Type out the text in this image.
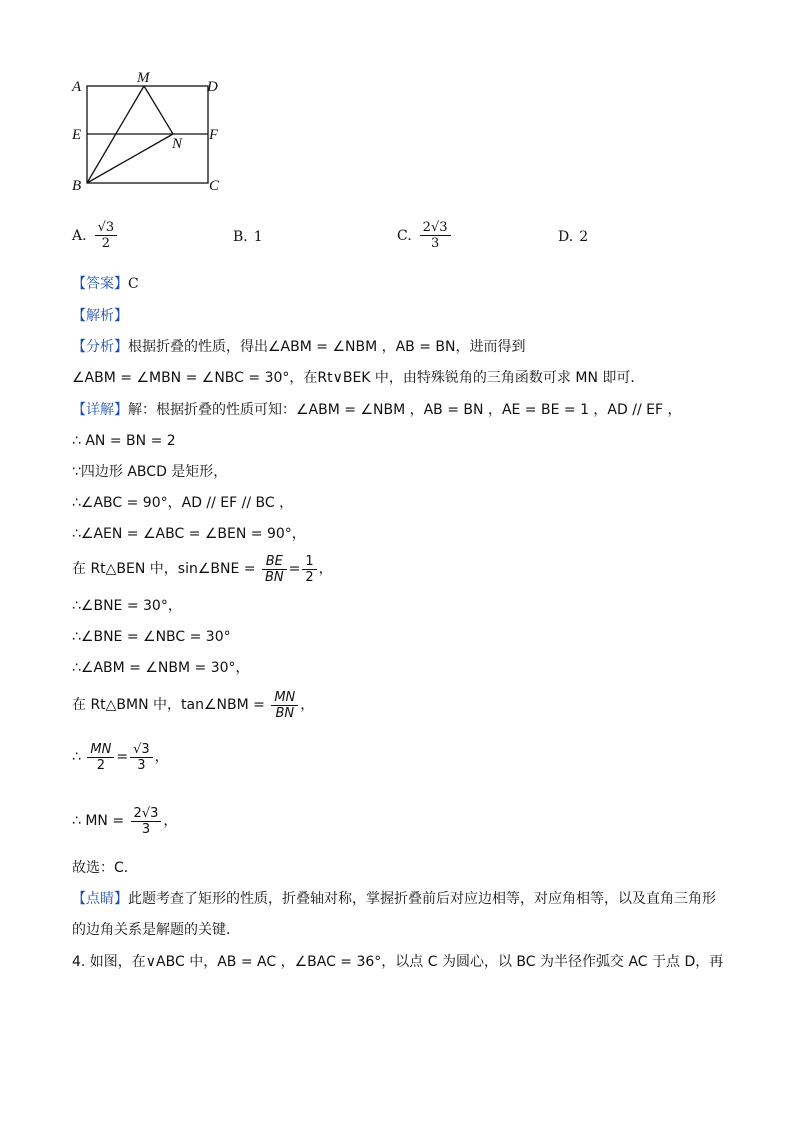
A
M
D
E	F
N
B	C
A. $\frac{√3}{2}$	B. 1	C. $\frac{2√3}{3}$	D. 2
【答案】C
【解析】
【分析】根据折叠的性质，得出∠ABM = ∠NBM ，AB = BN，进而得到
∠ABM = ∠MBN = ∠NBC = 30°，在Rt∨BEK 中，由特殊锐角的三角函数可求 MN 即可．
【详解】解：根据折叠的性质可知：∠ABM = ∠NBM ，AB = BN ，AE = BE = 1 ，AD // EF ，
∴ AN = BN = 2
∵四边形 ABCD 是矩形，
∴∠ABC = 90°，AD // EF // BC ，
∴∠AEN = ∠ABC = ∠BEN = 90°，
在 Rt△BEN 中，sin∠BNE = $\frac{BE}{BN} = \frac{1}{2}$ ，
∴∠BNE = 30°，
∴∠BNE = ∠NBC = 30°
∴∠ABM = ∠NBM = 30°，
在 Rt△BMN 中，tan∠NBM = $\frac{MN}{BN}$ ，
∴ $\frac{MN}{2} = \frac{√3}{3}$ ，
∴ MN = $\frac{2√3}{3}$ ，
故选：C．
【点睛】此题考查了矩形的性质，折叠轴对称，掌握折叠前后对应边相等，对应角相等，以及直角三角形
的边角关系是解题的关键．
4. 如图，在∨ABC 中，AB = AC ，∠BAC = 36°，以点 C 为圆心，以 BC 为半径作弧交 AC 于点 D，再
